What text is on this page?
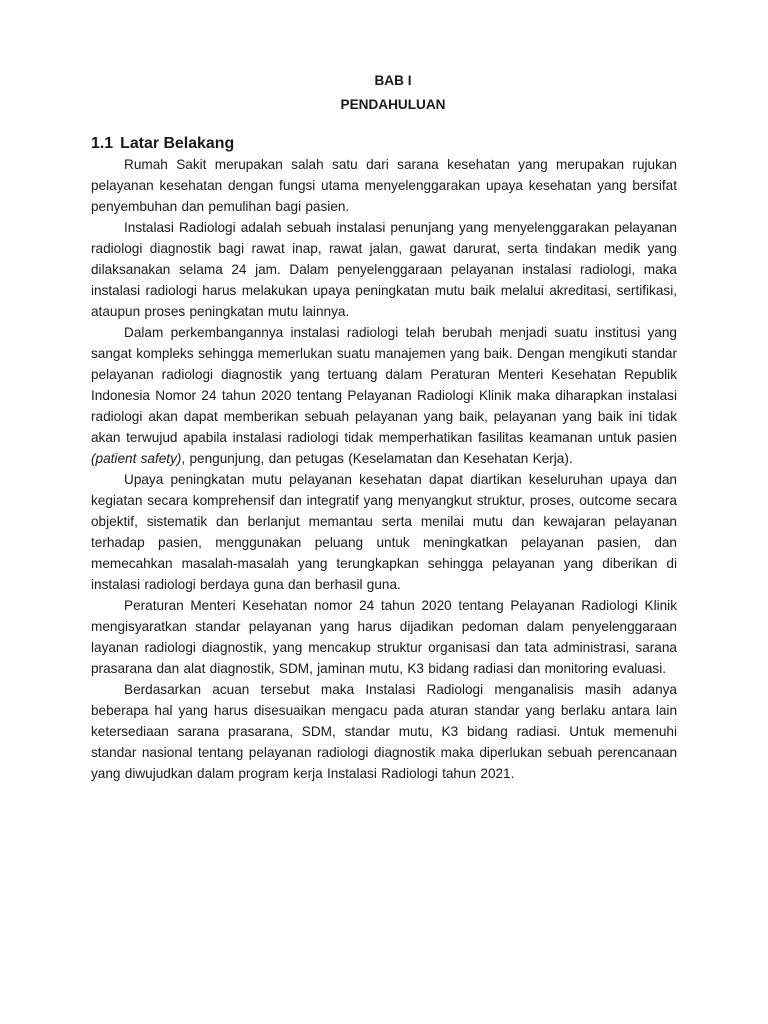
BAB I
PENDAHULUAN
1.1 Latar Belakang

Rumah Sakit merupakan salah satu dari sarana kesehatan yang merupakan rujukan pelayanan kesehatan dengan fungsi utama menyelenggarakan upaya kesehatan yang bersifat penyembuhan dan pemulihan bagi pasien.

Instalasi Radiologi adalah sebuah instalasi penunjang yang menyelenggarakan pelayanan radiologi diagnostik bagi rawat inap, rawat jalan, gawat darurat, serta tindakan medik yang dilaksanakan selama 24 jam. Dalam penyelenggaraan pelayanan instalasi radiologi, maka instalasi radiologi harus melakukan upaya peningkatan mutu baik melalui akreditasi, sertifikasi, ataupun proses peningkatan mutu lainnya.

Dalam perkembangannya instalasi radiologi telah berubah menjadi suatu institusi yang sangat kompleks sehingga memerlukan suatu manajemen yang baik. Dengan mengikuti standar pelayanan radiologi diagnostik yang tertuang dalam Peraturan Menteri Kesehatan Republik Indonesia Nomor 24 tahun 2020 tentang Pelayanan Radiologi Klinik maka diharapkan instalasi radiologi akan dapat memberikan sebuah pelayanan yang baik, pelayanan yang baik ini tidak akan terwujud apabila instalasi radiologi tidak memperhatikan fasilitas keamanan untuk pasien (patient safety), pengunjung, dan petugas (Keselamatan dan Kesehatan Kerja).

Upaya peningkatan mutu pelayanan kesehatan dapat diartikan keseluruhan upaya dan kegiatan secara komprehensif dan integratif yang menyangkut struktur, proses, outcome secara objektif, sistematik dan berlanjut memantau serta menilai mutu dan kewajaran pelayanan terhadap pasien, menggunakan peluang untuk meningkatkan pelayanan pasien, dan memecahkan masalah-masalah yang terungkapkan sehingga pelayanan yang diberikan di instalasi radiologi berdaya guna dan berhasil guna.

Peraturan Menteri Kesehatan nomor 24 tahun 2020 tentang Pelayanan Radiologi Klinik mengisyaratkan standar pelayanan yang harus dijadikan pedoman dalam penyelenggaraan layanan radiologi diagnostik, yang mencakup struktur organisasi dan tata administrasi, sarana prasarana dan alat diagnostik, SDM, jaminan mutu, K3 bidang radiasi dan monitoring evaluasi.

Berdasarkan acuan tersebut maka Instalasi Radiologi menganalisis masih adanya beberapa hal yang harus disesuaikan mengacu pada aturan standar yang berlaku antara lain ketersediaan sarana prasarana, SDM, standar mutu, K3 bidang radiasi. Untuk memenuhi standar nasional tentang pelayanan radiologi diagnostik maka diperlukan sebuah perencanaan yang diwujudkan dalam program kerja Instalasi Radiologi tahun 2021.
